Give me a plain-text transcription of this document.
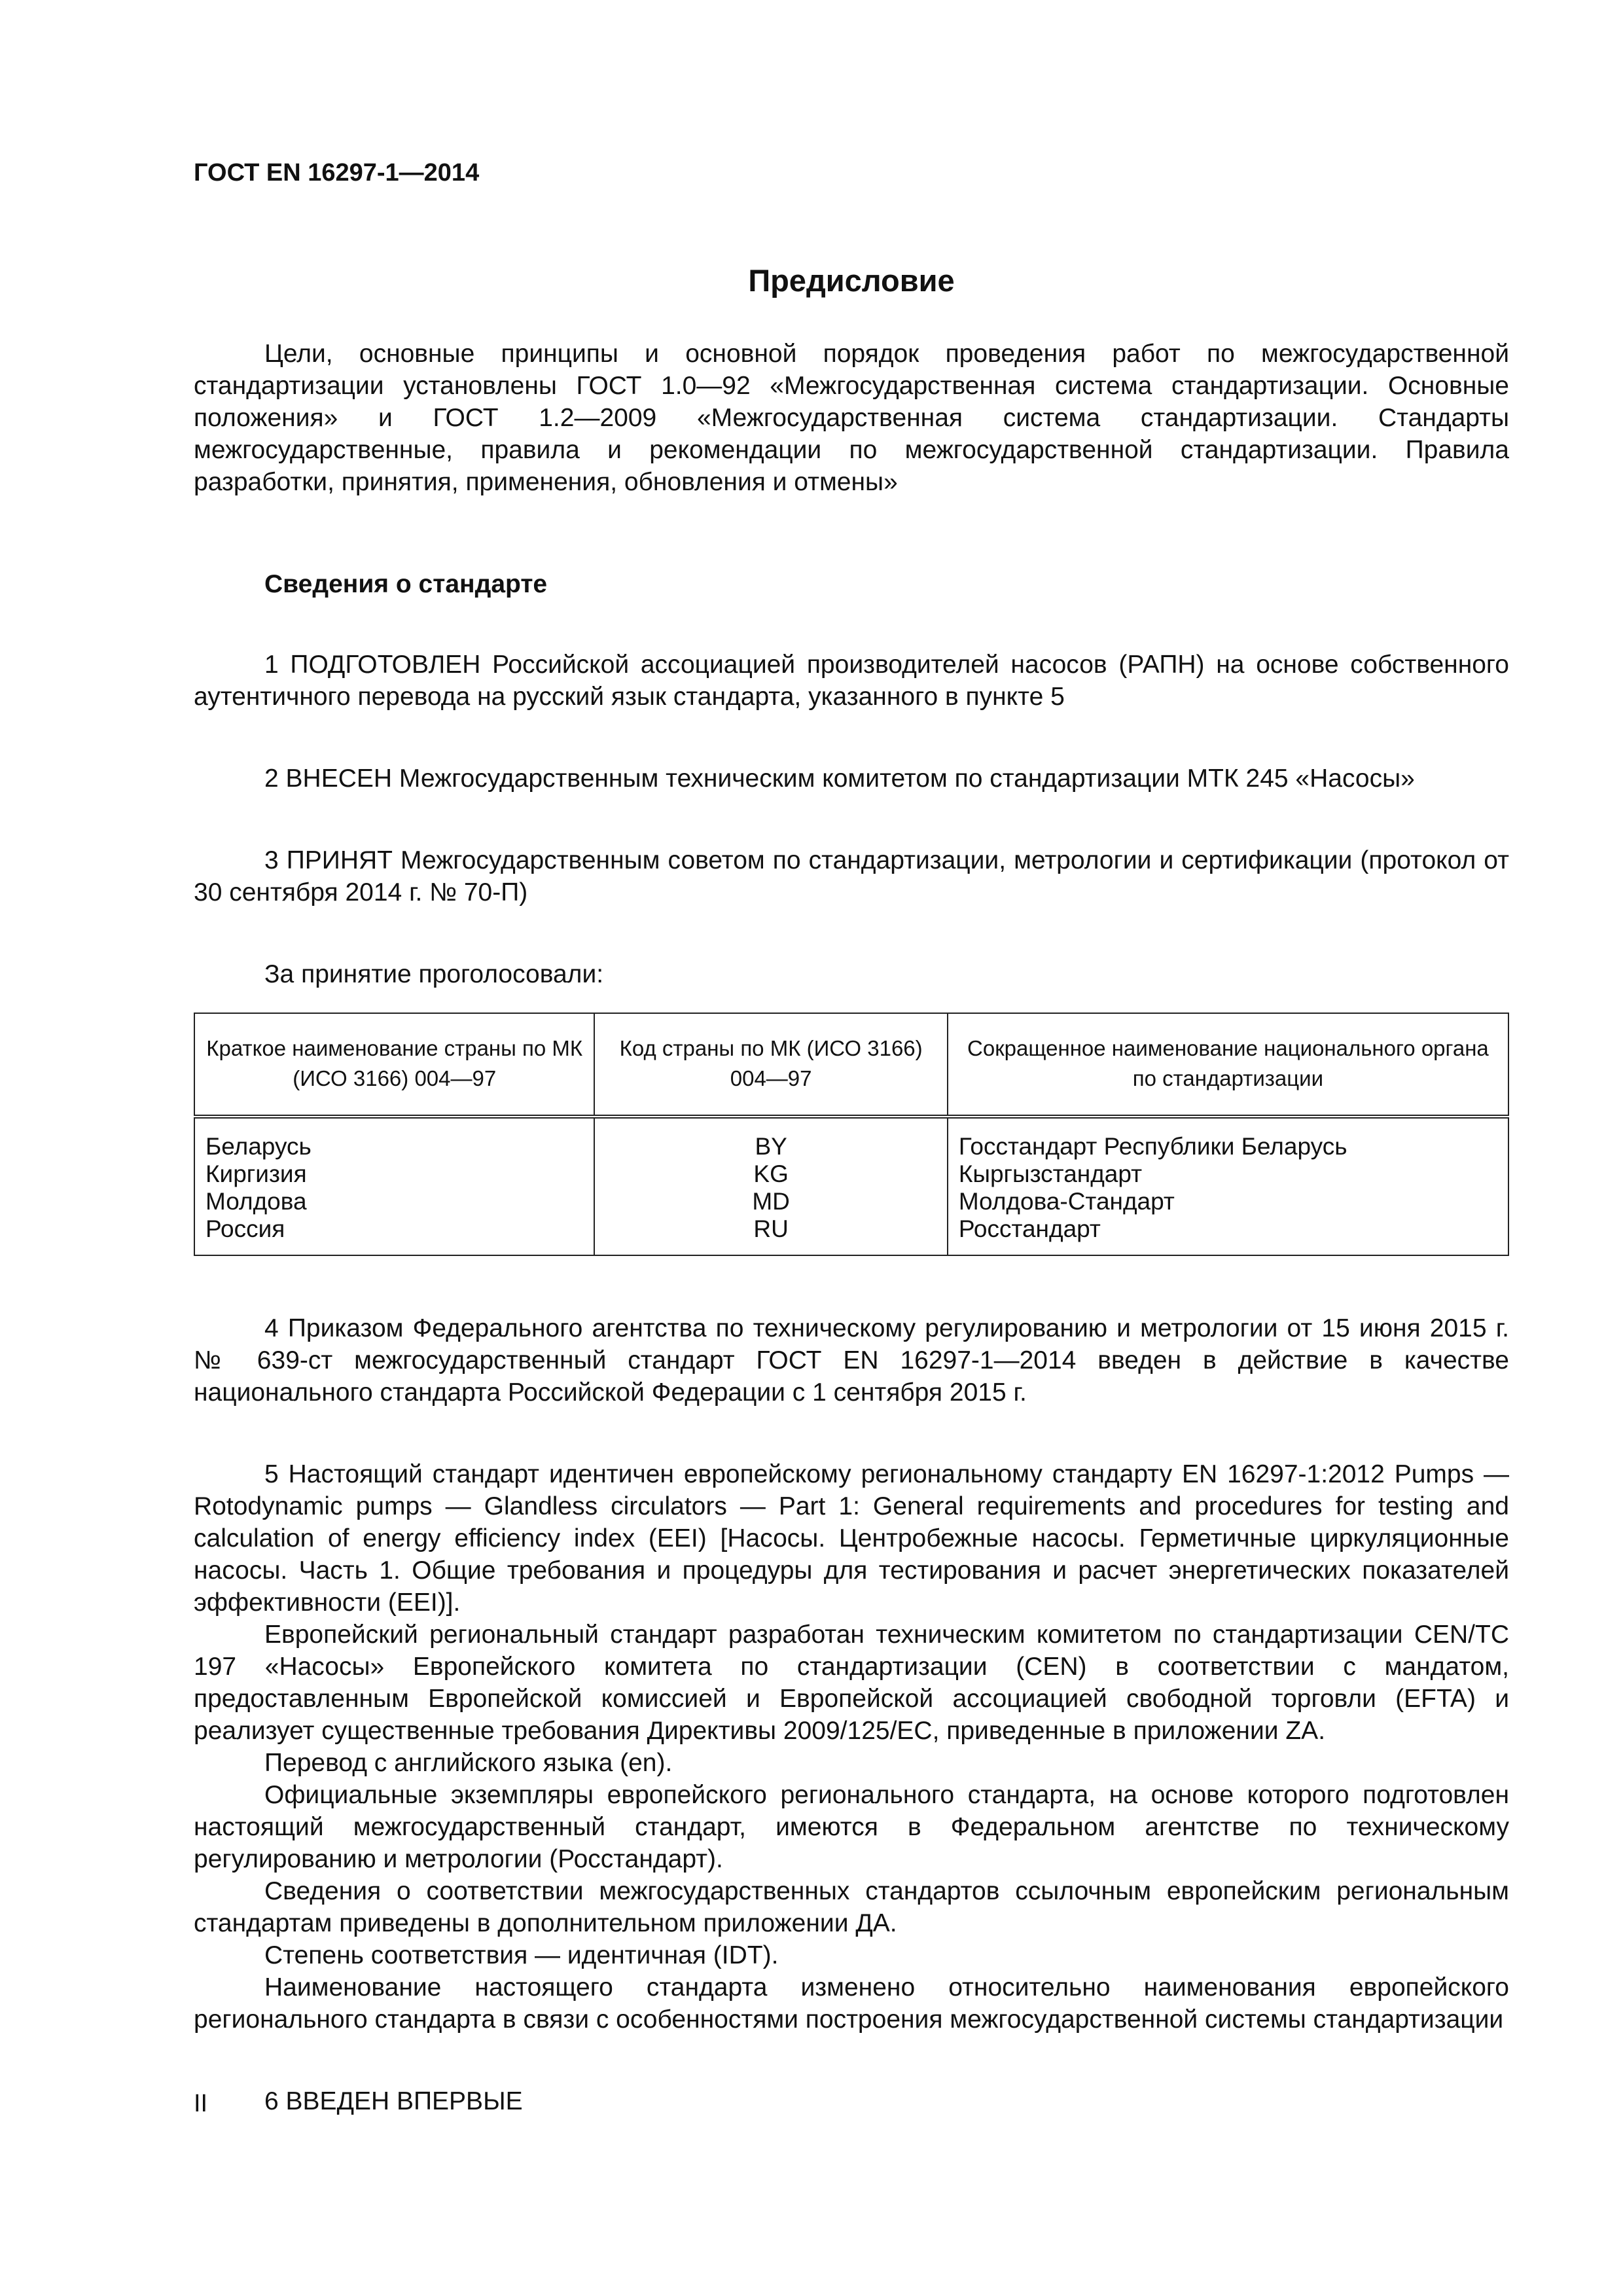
ГОСТ EN 16297-1—2014

Предисловие

Цели, основные принципы и основной порядок проведения работ по межгосударственной стандартизации установлены ГОСТ 1.0—92 «Межгосударственная система стандартизации. Основные положения» и ГОСТ 1.2—2009 «Межгосударственная система стандартизации. Стандарты межгосударственные, правила и рекомендации по межгосударственной стандартизации. Правила разработки, принятия, применения, обновления и отмены»

Сведения о стандарте

1 ПОДГОТОВЛЕН Российской ассоциацией производителей насосов (РАПН) на основе собственного аутентичного перевода на русский язык стандарта, указанного в пункте 5

2 ВНЕСЕН Межгосударственным техническим комитетом по стандартизации МТК 245 «Насосы»

3 ПРИНЯТ Межгосударственным советом по стандартизации, метрологии и сертификации (протокол от 30 сентября 2014 г. № 70-П)

За принятие проголосовали:

Краткое наименование страны по МК (ИСО 3166) 004—97	Код страны по МК (ИСО 3166) 004—97	Сокращенное наименование национального органа по стандартизации
Беларусь	BY	Госстандарт Республики Беларусь
Киргизия	KG	Кыргызстандарт
Молдова	MD	Молдова-Стандарт
Россия	RU	Росстандарт

4 Приказом Федерального агентства по техническому регулированию и метрологии от 15 июня 2015 г. № 639-ст межгосударственный стандарт ГОСТ EN 16297-1—2014 введен в действие в качестве национального стандарта Российской Федерации с 1 сентября 2015 г.

5 Настоящий стандарт идентичен европейскому региональному стандарту EN 16297-1:2012 Pumps — Rotodynamic pumps — Glandless circulators — Part 1: General requirements and procedures for testing and calculation of energy efficiency index (EEI) [Насосы. Центробежные насосы. Герметичные циркуляционные насосы. Часть 1. Общие требования и процедуры для тестирования и расчет энергетических показателей эффективности (EEI)].

Европейский региональный стандарт разработан техническим комитетом по стандартизации CEN/TC 197 «Насосы» Европейского комитета по стандартизации (CEN) в соответствии с мандатом, предоставленным Европейской комиссией и Европейской ассоциацией свободной торговли (EFTA) и реализует существенные требования Директивы 2009/125/EC, приведенные в приложении ZA.

Перевод с английского языка (en).

Официальные экземпляры европейского регионального стандарта, на основе которого подготовлен настоящий межгосударственный стандарт, имеются в Федеральном агентстве по техническому регулированию и метрологии (Росстандарт).

Сведения о соответствии межгосударственных стандартов ссылочным европейским региональным стандартам приведены в дополнительном приложении ДА.

Степень соответствия — идентичная (IDT).

Наименование настоящего стандарта изменено относительно наименования европейского регионального стандарта в связи с особенностями построения межгосударственной системы стандартизации

6 ВВЕДЕН ВПЕРВЫЕ

II
